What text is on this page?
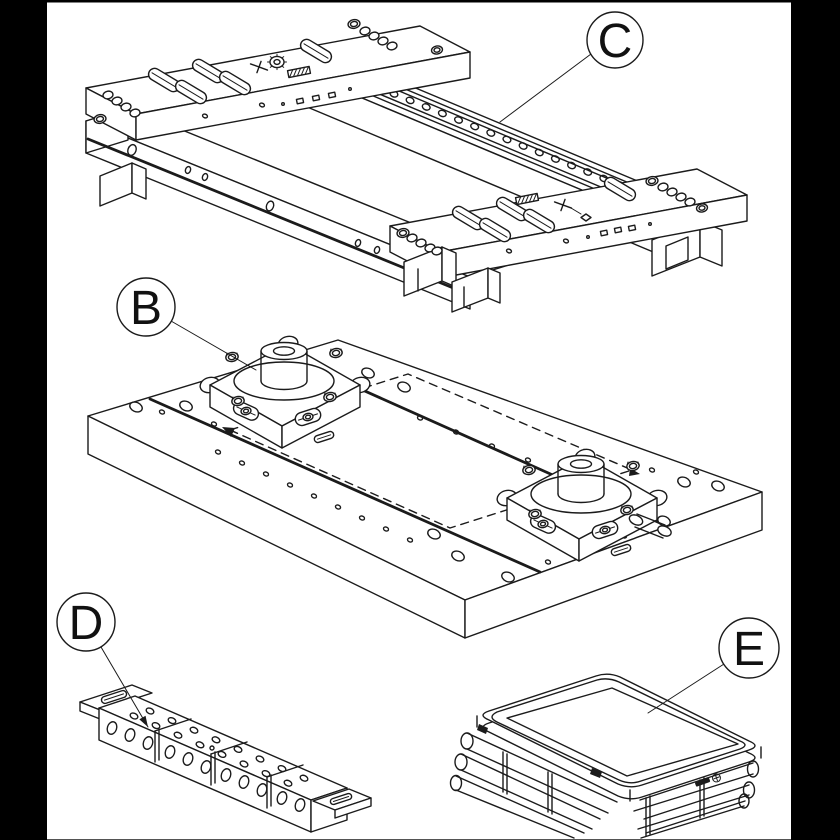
C
B
D	E
